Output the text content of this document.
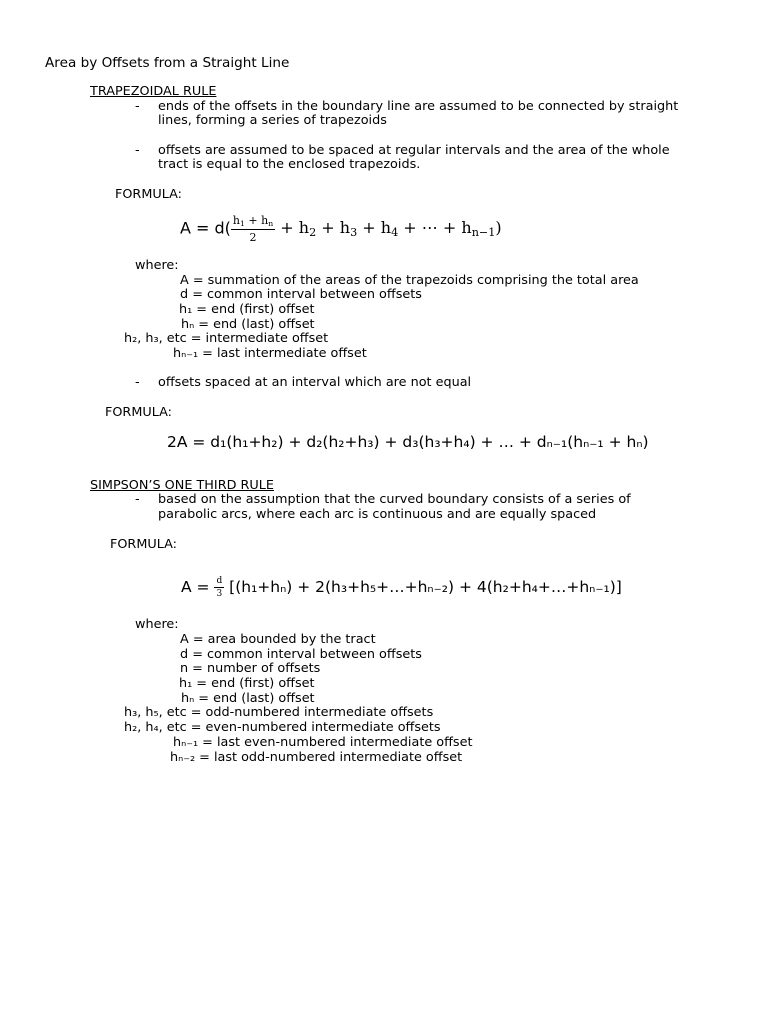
Area by Offsets from a Straight Line
TRAPEZOIDAL RULE
- ends of the offsets in the boundary line are assumed to be connected by straight
lines, forming a series of trapezoids
- offsets are assumed to be spaced at regular intervals and the area of the whole
tract is equal to the enclosed trapezoids.
FORMULA:
$A = d( \frac{h_1 + h_n}{2} + h_2 + h_3 + h_4$ + ⋯ + $h_{n-1}$)
where:
A = summation of the areas of the trapezoids comprising the total area
d = common interval between offsets
h₁ = end (first) offset
hₙ = end (last) offset
h₂, h₃, etc = intermediate offset
hₙ₋₁ = last intermediate offset
- offsets spaced at an interval which are not equal
FORMULA:
2A = d₁(h₁+h₂) + d₂(h₂+h₃) + d₃(h₃+h₄) + … + dₙ₋₁(hₙ₋₁ + hₙ)
SIMPSON’S ONE THIRD RULE
- based on the assumption that the curved boundary consists of a series of
parabolic arcs, where each arc is continuous and are equally spaced
FORMULA:
$A = \frac{d}{3} [(h_1+h_n)$ + 2(h₃+h₅+…+hₙ₋₂) + 4(h₂+h₄+…+hₙ₋₁)]
where:
A = area bounded by the tract
d = common interval between offsets
n = number of offsets
h₁ = end (first) offset
hₙ = end (last) offset
h₃, h₅, etc = odd-numbered intermediate offsets
h₂, h₄, etc = even-numbered intermediate offsets
hₙ₋₁ = last even-numbered intermediate offset
hₙ₋₂ = last odd-numbered intermediate offset
